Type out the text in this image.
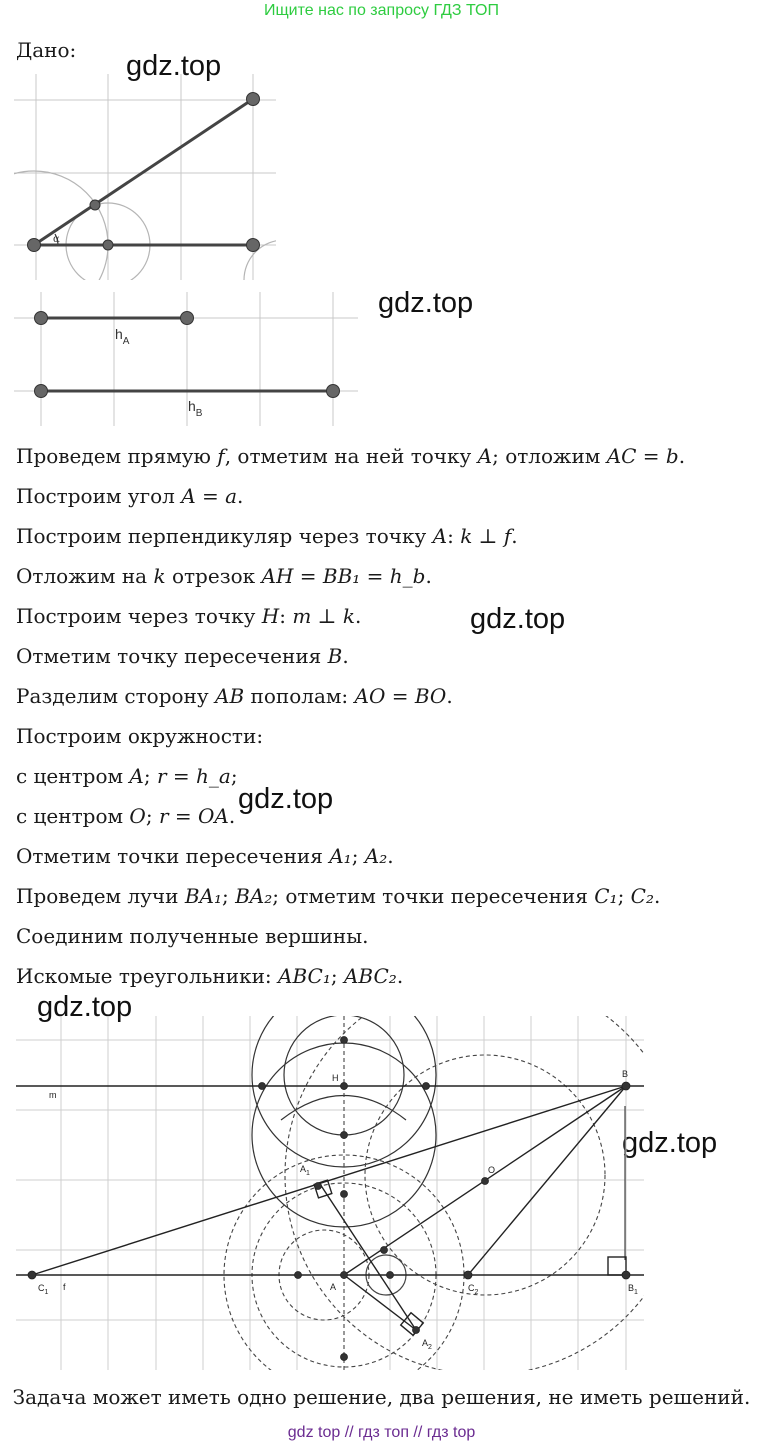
Ищите нас по запросу ГДЗ ТОП
Дано: gdz.top
gdz.top
gdz.top
gdz.top
gdz.top
gdz.top
α
$h_A$
$h_B$
Проведем прямую f, отметим на ней точку A; отложим AC = b.
Построим угол A = a.
Построим перпендикуляр через точку A: k ⊥ f.
Отложим на k отрезок AH = BB₁ = h_b.
Построим через точку H: m ⊥ k.
Отметим точку пересечения B.
Разделим сторону AB пополам: AO = BO.
Построим окружности:
с центром A; r = h_a;
с центром O; r = OA.
Отметим точки пересечения A₁; A₂.
Проведем лучи BA₁; BA₂; отметим точки пересечения C₁; C₂.
Соединим полученные вершины.
Искомые треугольники: ABC₁; ABC₂.
m
H	B
$A_1$	O
$C_1$
f	A	$C_2$	$B_1$
$A_2$
Задача может иметь одно решение, два решения, не иметь решений.
gdz top // гдз топ // гдз top
